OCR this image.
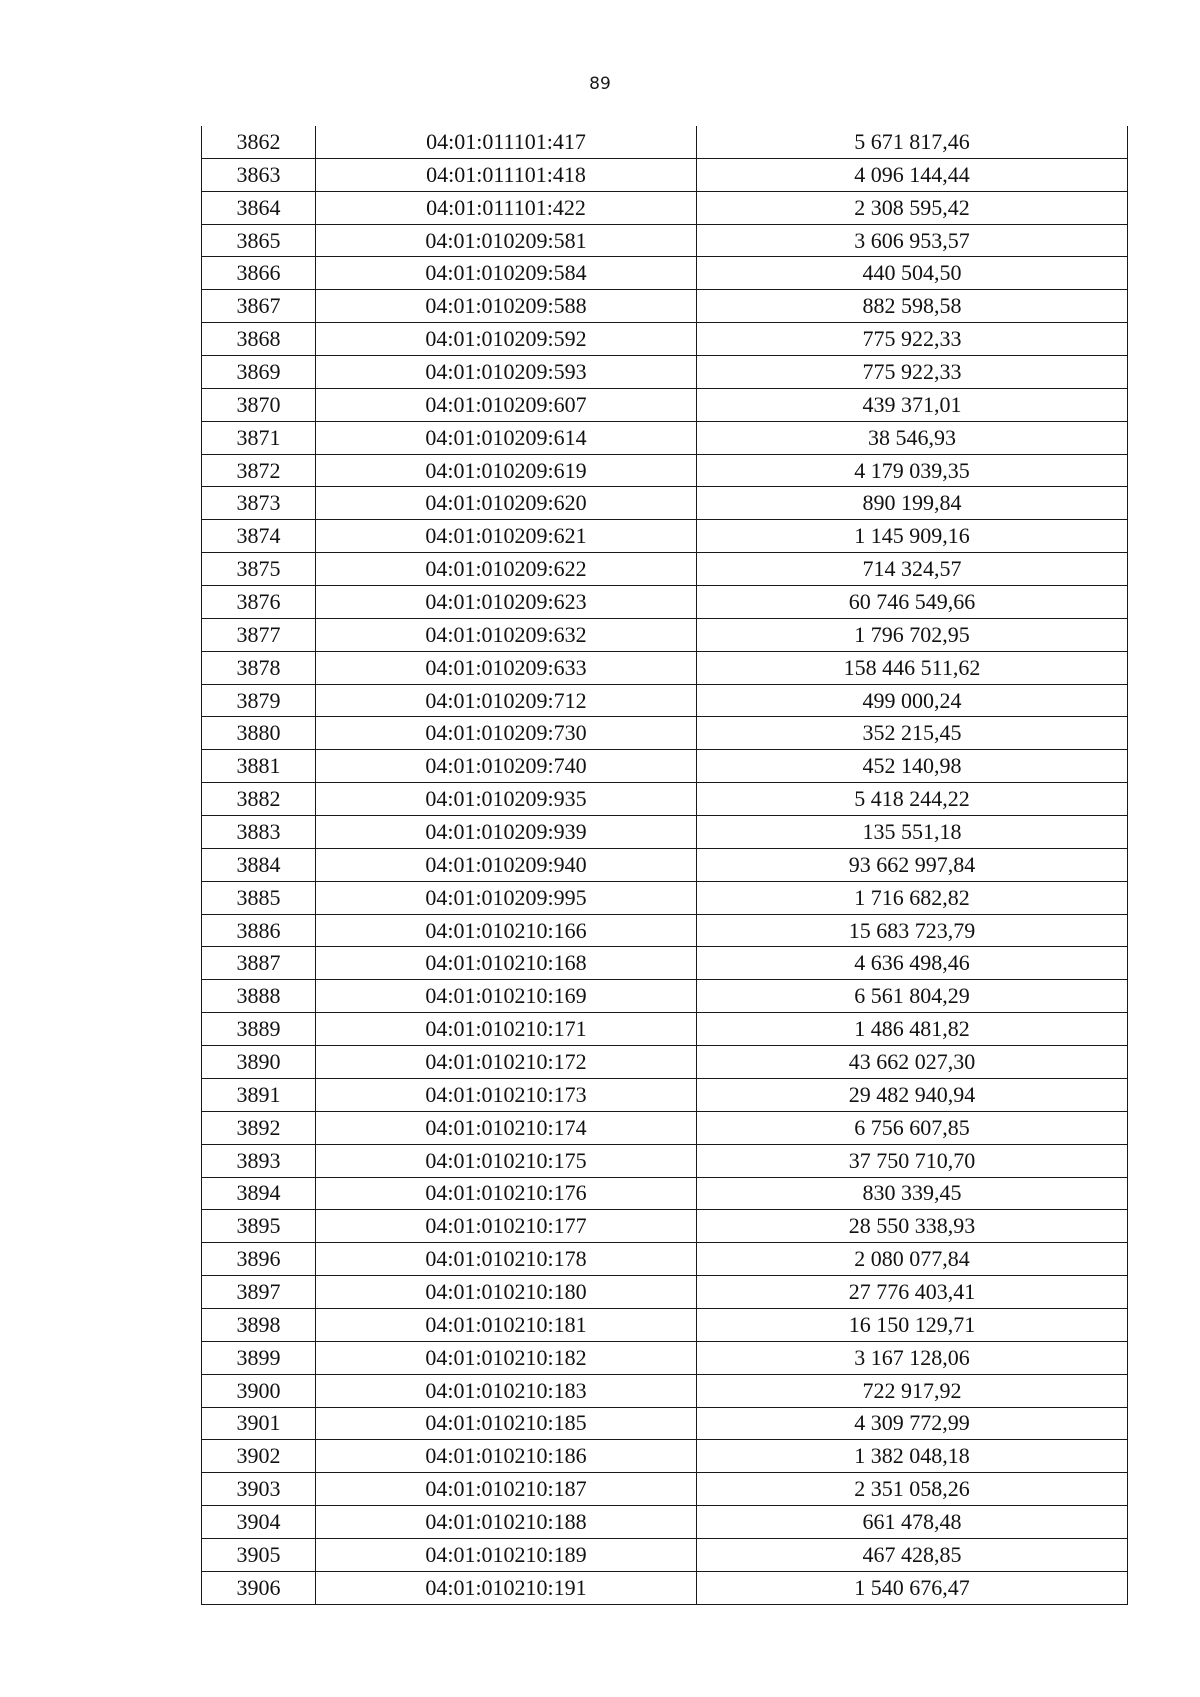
89
3862	04:01:011101:417	5 671 817,46
3863	04:01:011101:418	4 096 144,44
3864	04:01:011101:422	2 308 595,42
3865	04:01:010209:581	3 606 953,57
3866	04:01:010209:584	440 504,50
3867	04:01:010209:588	882 598,58
3868	04:01:010209:592	775 922,33
3869	04:01:010209:593	775 922,33
3870	04:01:010209:607	439 371,01
3871	04:01:010209:614	38 546,93
3872	04:01:010209:619	4 179 039,35
3873	04:01:010209:620	890 199,84
3874	04:01:010209:621	1 145 909,16
3875	04:01:010209:622	714 324,57
3876	04:01:010209:623	60 746 549,66
3877	04:01:010209:632	1 796 702,95
3878	04:01:010209:633	158 446 511,62
3879	04:01:010209:712	499 000,24
3880	04:01:010209:730	352 215,45
3881	04:01:010209:740	452 140,98
3882	04:01:010209:935	5 418 244,22
3883	04:01:010209:939	135 551,18
3884	04:01:010209:940	93 662 997,84
3885	04:01:010209:995	1 716 682,82
3886	04:01:010210:166	15 683 723,79
3887	04:01:010210:168	4 636 498,46
3888	04:01:010210:169	6 561 804,29
3889	04:01:010210:171	1 486 481,82
3890	04:01:010210:172	43 662 027,30
3891	04:01:010210:173	29 482 940,94
3892	04:01:010210:174	6 756 607,85
3893	04:01:010210:175	37 750 710,70
3894	04:01:010210:176	830 339,45
3895	04:01:010210:177	28 550 338,93
3896	04:01:010210:178	2 080 077,84
3897	04:01:010210:180	27 776 403,41
3898	04:01:010210:181	16 150 129,71
3899	04:01:010210:182	3 167 128,06
3900	04:01:010210:183	722 917,92
3901	04:01:010210:185	4 309 772,99
3902	04:01:010210:186	1 382 048,18
3903	04:01:010210:187	2 351 058,26
3904	04:01:010210:188	661 478,48
3905	04:01:010210:189	467 428,85
3906	04:01:010210:191	1 540 676,47
